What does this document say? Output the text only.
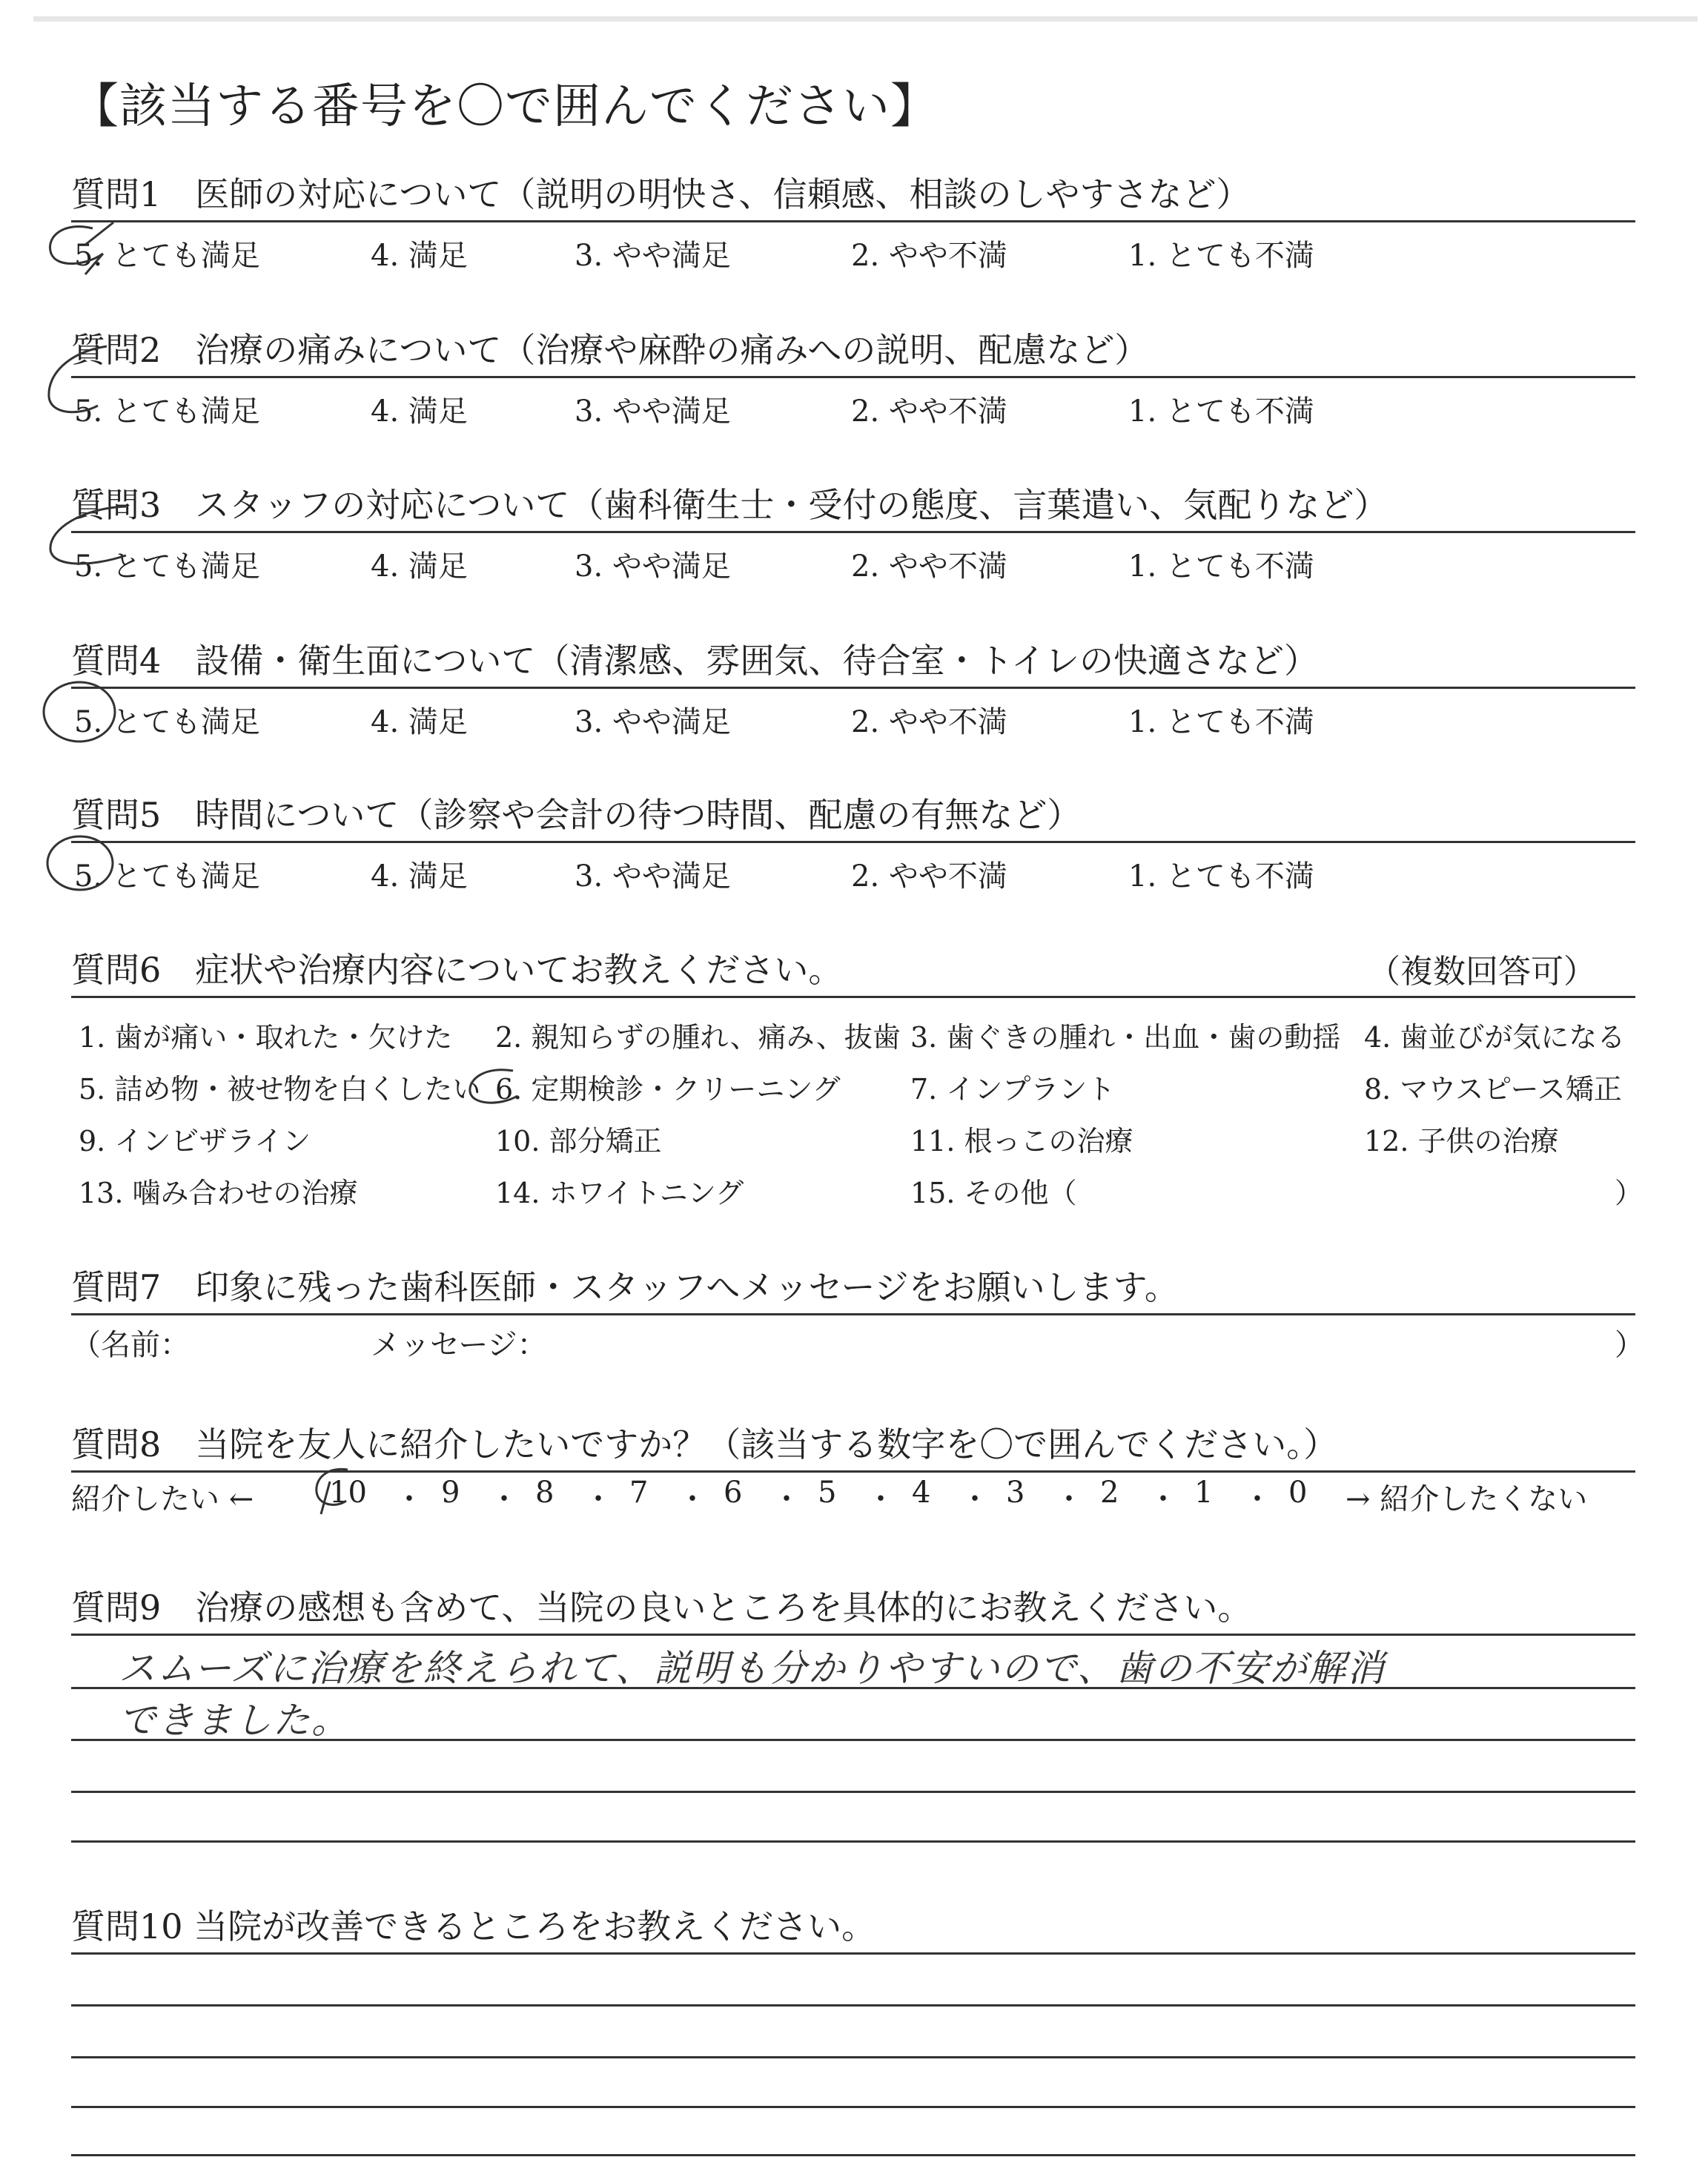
【該当する番号を〇で囲んでください】
質問1　医師の対応について（説明の明快さ、信頼感、相談のしやすさなど）
5. とても満足	4. 満足	3. やや満足	2. やや不満	1. とても不満
質問2　治療の痛みについて（治療や麻酔の痛みへの説明、配慮など）
5. とても満足	4. 満足	3. やや満足	2. やや不満	1. とても不満
質問3　スタッフの対応について（歯科衛生士・受付の態度、言葉遣い、気配りなど）
5. とても満足	4. 満足	3. やや満足	2. やや不満	1. とても不満
質問4　設備・衛生面について（清潔感、雰囲気、待合室・トイレの快適さなど）
5. とても満足	4. 満足	3. やや満足	2. やや不満	1. とても不満
質問5　時間について（診察や会計の待つ時間、配慮の有無など）
5. とても満足	4. 満足	3. やや満足	2. やや不満	1. とても不満
質問6　症状や治療内容についてお教えください。	（複数回答可）
1. 歯が痛い・取れた・欠けた 2. 親知らずの腫れ、痛み、抜歯 3. 歯ぐきの腫れ・出血・歯の動揺 4. 歯並びが気になる
5. 詰め物・被せ物を白くしたい 6. 定期検診・クリーニング 7. インプラント	8. マウスピース矯正
9. インビザライン	10. 部分矯正	11. 根っこの治療	12. 子供の治療
13. 噛み合わせの治療	14. ホワイトニング	15. その他（	）
質問7　印象に残った歯科医師・スタッフへメッセージをお願いします。
（名前：	メッセージ：	）
質問8　当院を友人に紹介したいですか？（該当する数字を〇で囲んでください。）
紹介したい ←	10 ・ 9 ・ 8 ・ 7 ・ 6 ・ 5 ・ 4 ・ 3 ・ 2 ・ 1 ・ 0 → 紹介したくない
質問9　治療の感想も含めて、当院の良いところを具体的にお教えください。
スムーズに治療を終えられて、説明も分かりやすいので、歯の不安が解消
できました。
質問10 当院が改善できるところをお教えください。
